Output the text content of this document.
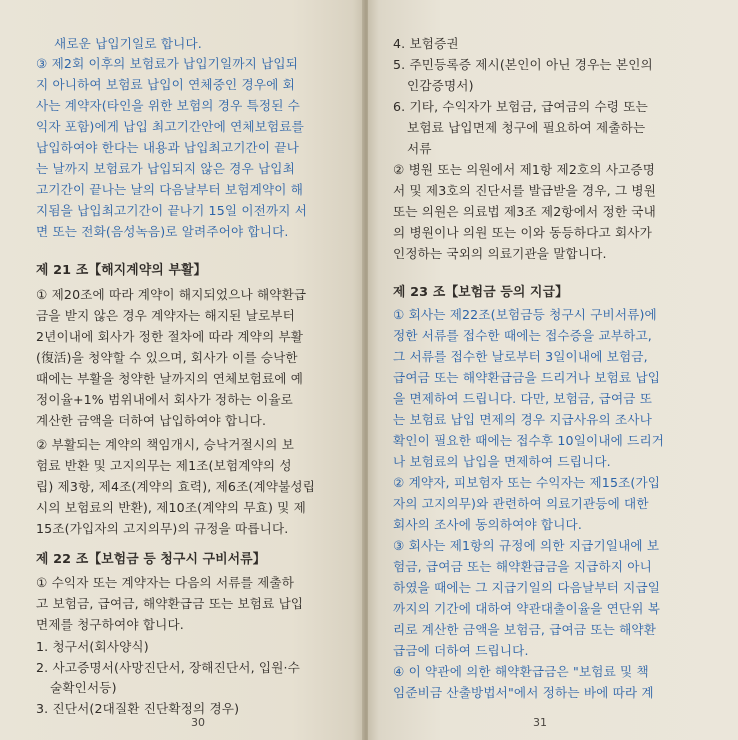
새로운 납입기일로 합니다.
③ 제2회 이후의 보험료가 납입기일까지 납입되
지 아니하여 보험료 납입이 연체중인 경우에 회
사는 계약자(타인을 위한 보험의 경우 특정된 수
익자 포함)에게 납입 최고기간안에 연체보험료를
납입하여야 한다는 내용과 납입최고기간이 끝나
는 날까지 보험료가 납입되지 않은 경우 납입최
고기간이 끝나는 날의 다음날부터 보험계약이 해
지됨을 납입최고기간이 끝나기 15일 이전까지 서
면 또는 전화(음성녹음)로 알려주어야 합니다.
제 21 조【해지계약의 부활】
① 제20조에 따라 계약이 해지되었으나 해약환급
금을 받지 않은 경우 계약자는 해지된 날로부터
2년이내에 회사가 정한 절차에 따라 계약의 부활
(復活)을 청약할 수 있으며, 회사가 이를 승낙한
때에는 부활을 청약한 날까지의 연체보험료에 예
정이율+1% 범위내에서 회사가 정하는 이율로
계산한 금액을 더하여 납입하여야 합니다.
② 부활되는 계약의 책임개시, 승낙거절시의 보
험료 반환 및 고지의무는 제1조(보험계약의 성
립) 제3항, 제4조(계약의 효력), 제6조(계약불성립
시의 보험료의 반환), 제10조(계약의 무효) 및 제
15조(가입자의 고지의무)의 규정을 따릅니다.
제 22 조【보험금 등 청구시 구비서류】
① 수익자 또는 계약자는 다음의 서류를 제출하
고 보험금, 급여금, 해약환급금 또는 보험료 납입
면제를 청구하여야 합니다.
1. 청구서(회사양식)
2. 사고증명서(사망진단서, 장해진단서, 입원·수
술확인서등)
3. 진단서(2대질환 진단확정의 경우)
30
4. 보험증권
5. 주민등록증 제시(본인이 아닌 경우는 본인의
인감증명서)
6. 기타, 수익자가 보험금, 급여금의 수령 또는
보험료 납입면제 청구에 필요하여 제출하는
서류
② 병원 또는 의원에서 제1항 제2호의 사고증명
서 및 제3호의 진단서를 발급받을 경우, 그 병원
또는 의원은 의료법 제3조 제2항에서 정한 국내
의 병원이나 의원 또는 이와 동등하다고 회사가
인정하는 국외의 의료기관을 말합니다.
제 23 조【보험금 등의 지급】
① 회사는 제22조(보험금등 청구시 구비서류)에
정한 서류를 접수한 때에는 접수증을 교부하고,
그 서류를 접수한 날로부터 3일이내에 보험금,
급여금 또는 해약환급금을 드리거나 보험료 납입
을 면제하여 드립니다. 다만, 보험금, 급여금 또
는 보험료 납입 면제의 경우 지급사유의 조사나
확인이 필요한 때에는 접수후 10일이내에 드리거
나 보험료의 납입을 면제하여 드립니다.
② 계약자, 피보험자 또는 수익자는 제15조(가입
자의 고지의무)와 관련하여 의료기관등에 대한
회사의 조사에 동의하여야 합니다.
③ 회사는 제1항의 규정에 의한 지급기일내에 보
험금, 급여금 또는 해약환급금을 지급하지 아니
하였을 때에는 그 지급기일의 다음날부터 지급일
까지의 기간에 대하여 약관대출이율을 연단위 복
리로 계산한 금액을 보험금, 급여금 또는 해약환
급금에 더하여 드립니다.
④ 이 약관에 의한 해약환급금은 "보험료 및 책
임준비금 산출방법서"에서 정하는 바에 따라 계
31
